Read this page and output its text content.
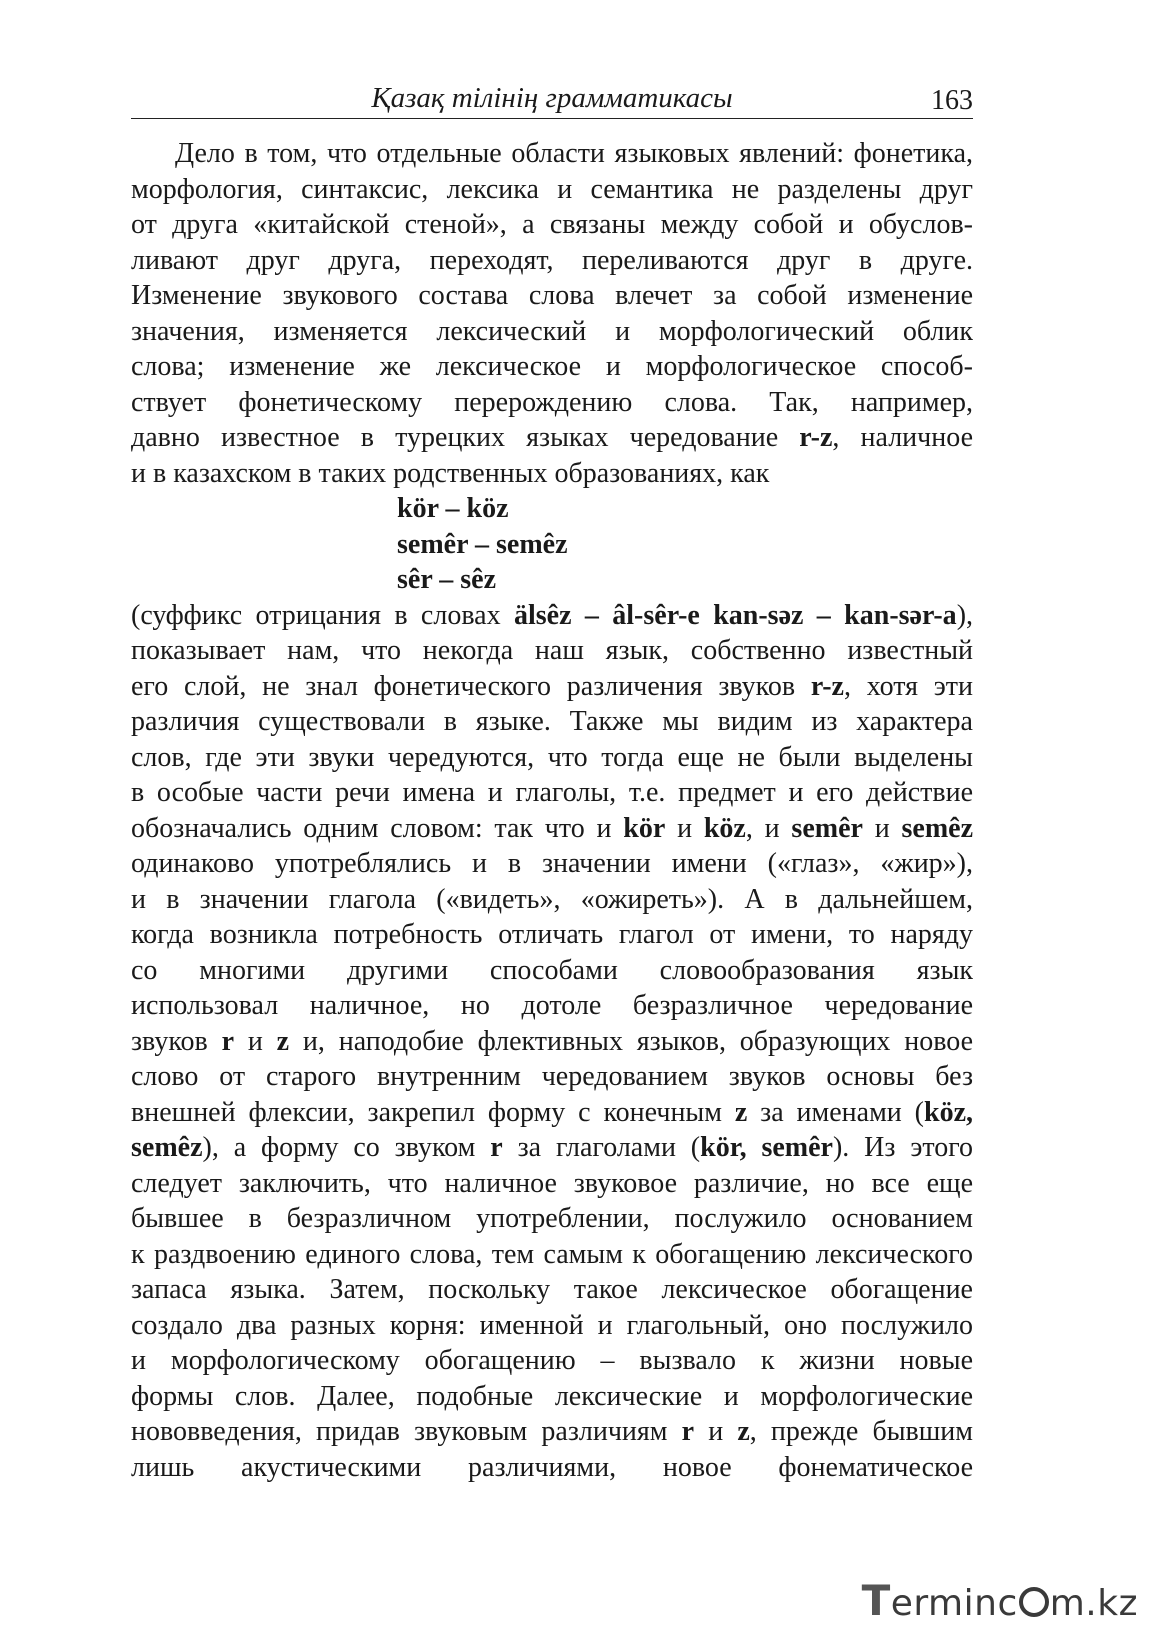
Қазақ тілінің грамматикасы	163
Дело в том, что отдельные области языковых явлений: фонетика,
морфология, синтаксис, лексика и семантика не разделены друг
от друга «китайской стеной», а связаны между собой и обуслов-
ливают друг друга, переходят, переливаются друг в друге.
Изменение звукового состава слова влечет за собой изменение
значения, изменяется лексический и морфологический облик
слова; изменение же лексическое и морфологическое способ-
ствует фонетическому перерождению слова. Так, например,
давно известное в турецких языках чередование r-z, наличное
и в казахском в таких родственных образованиях, как
kör – köz
semêr – semêz
sêr – sêz
(суффикс отрицания в словах älsêz – âl-sêr-e kan-səz – kan-sər-a),
показывает нам, что некогда наш язык, собственно известный
его слой, не знал фонетического различения звуков r-z, хотя эти
различия существовали в языке. Также мы видим из характера
слов, где эти звуки чередуются, что тогда еще не были выделены
в особые части речи имена и глаголы, т.е. предмет и его действие
обозначались одним словом: так что и kör и köz, и semêr и semêz
одинаково употреблялись и в значении имени («глаз», «жир»),
и в значении глагола («видеть», «ожиреть»). А в дальнейшем,
когда возникла потребность отличать глагол от имени, то наряду
со многими другими способами словообразования язык
использовал наличное, но дотоле безразличное чередование
звуков r и z и, наподобие флективных языков, образующих новое
слово от старого внутренним чередованием звуков основы без
внешней флексии, закрепил форму с конечным z за именами (köz,
semêz), а форму со звуком r за глаголами (kör, semêr). Из этого
следует заключить, что наличное звуковое различие, но все еще
бывшее в безразличном употреблении, послужило основанием
к раздвоению единого слова, тем самым к обогащению лексического
запаса языка. Затем, поскольку такое лексическое обогащение
создало два разных корня: именной и глагольный, оно послужило
и морфологическому обогащению – вызвало к жизни новые
формы слов. Далее, подобные лексические и морфологические
нововведения, придав звуковым различиям r и z, прежде бывшим
лишь акустическими различиями, новое фонематическое
Terminc m.kz
